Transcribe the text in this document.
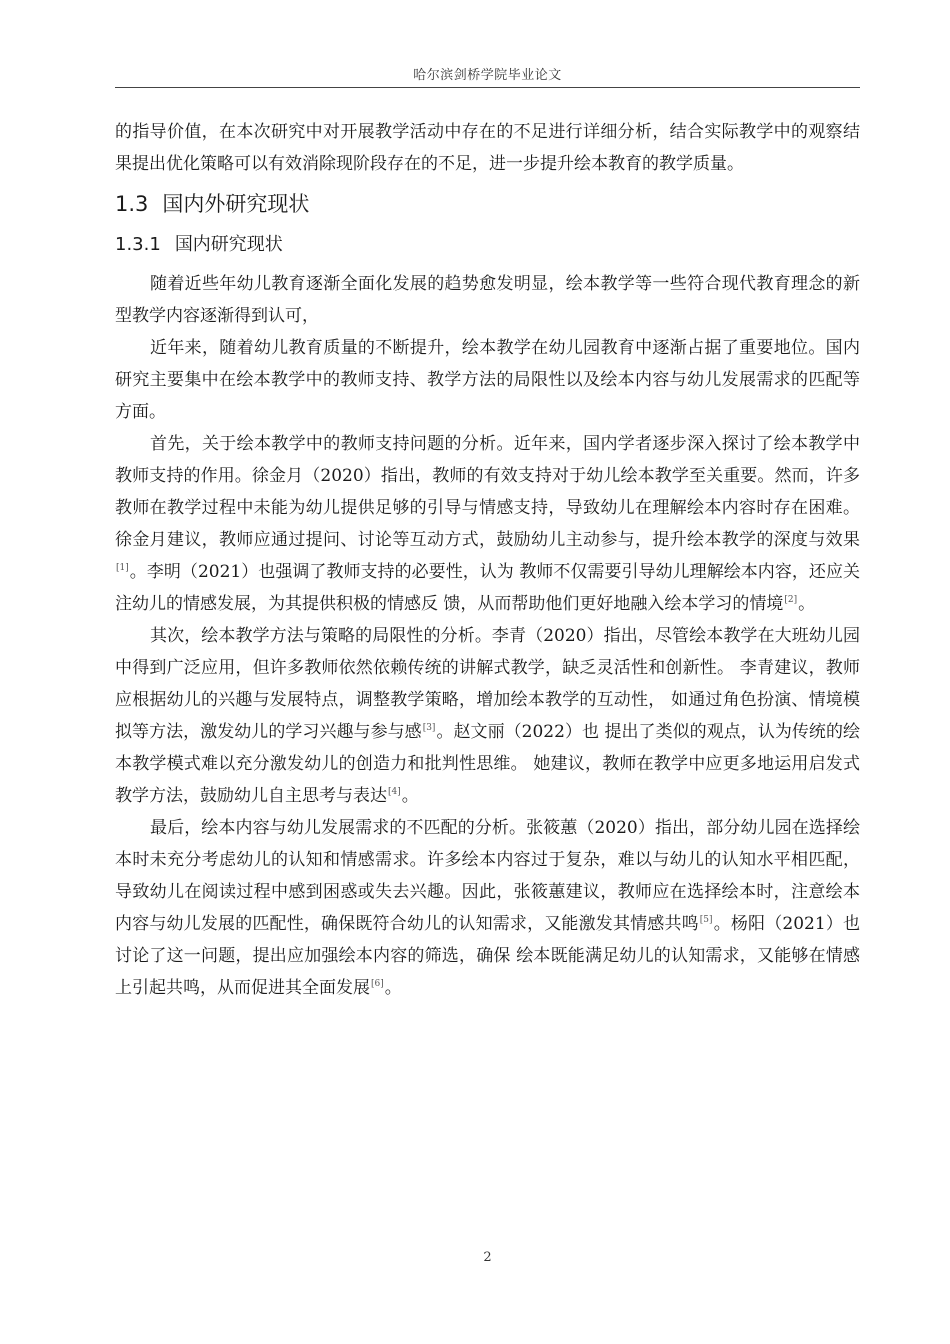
哈尔滨剑桥学院毕业论文

的指导价值，在本次研究中对开展教学活动中存在的不足进行详细分析，结合实际教学中的观察结果提出优化策略可以有效消除现阶段存在的不足，进一步提升绘本教育的教学质量。

1.3 国内外研究现状
1.3.1 国内研究现状

随着近些年幼儿教育逐渐全面化发展的趋势愈发明显，绘本教学等一些符合现代教育理念的新型教学内容逐渐得到认可，

近年来，随着幼儿教育质量的不断提升，绘本教学在幼儿园教育中逐渐占据了重要地位。国内研究主要集中在绘本教学中的教师支持、教学方法的局限性以及绘本内容与幼儿发展需求的匹配等方面。

首先，关于绘本教学中的教师支持问题的分析。近年来，国内学者逐步深入探讨了绘本教学中教师支持的作用。徐金月（2020）指出，教师的有效支持对于幼儿绘本教学至关重要。然而，许多教师在教学过程中未能为幼儿提供足够的引导与情感支持，导致幼儿在理解绘本内容时存在困难。徐金月建议，教师应通过提问、讨论等互动方式，鼓励幼儿主动参与，提升绘本教学的深度与效果[1]。李明（2021）也强调了教师支持的必要性，认为 教师不仅需要引导幼儿理解绘本内容，还应关注幼儿的情感发展，为其提供积极的情感反 馈，从而帮助他们更好地融入绘本学习的情境[2]。

其次，绘本教学方法与策略的局限性的分析。李青（2020）指出，尽管绘本教学在大班幼儿园中得到广泛应用，但许多教师依然依赖传统的讲解式教学，缺乏灵活性和创新性。 李青建议，教师应根据幼儿的兴趣与发展特点，调整教学策略，增加绘本教学的互动性， 如通过角色扮演、情境模拟等方法，激发幼儿的学习兴趣与参与感[3]。赵文丽（2022）也 提出了类似的观点，认为传统的绘本教学模式难以充分激发幼儿的创造力和批判性思维。 她建议，教师在教学中应更多地运用启发式教学方法，鼓励幼儿自主思考与表达[4]。

最后，绘本内容与幼儿发展需求的不匹配的分析。张筱蕙（2020）指出，部分幼儿园在选择绘本时未充分考虑幼儿的认知和情感需求。许多绘本内容过于复杂，难以与幼儿的认知水平相匹配，导致幼儿在阅读过程中感到困惑或失去兴趣。因此，张筱蕙建议，教师应在选择绘本时，注意绘本内容与幼儿发展的匹配性，确保既符合幼儿的认知需求，又能激发其情感共鸣[5]。杨阳（2021）也讨论了这一问题，提出应加强绘本内容的筛选，确保 绘本既能满足幼儿的认知需求，又能够在情感上引起共鸣，从而促进其全面发展[6]。

2
